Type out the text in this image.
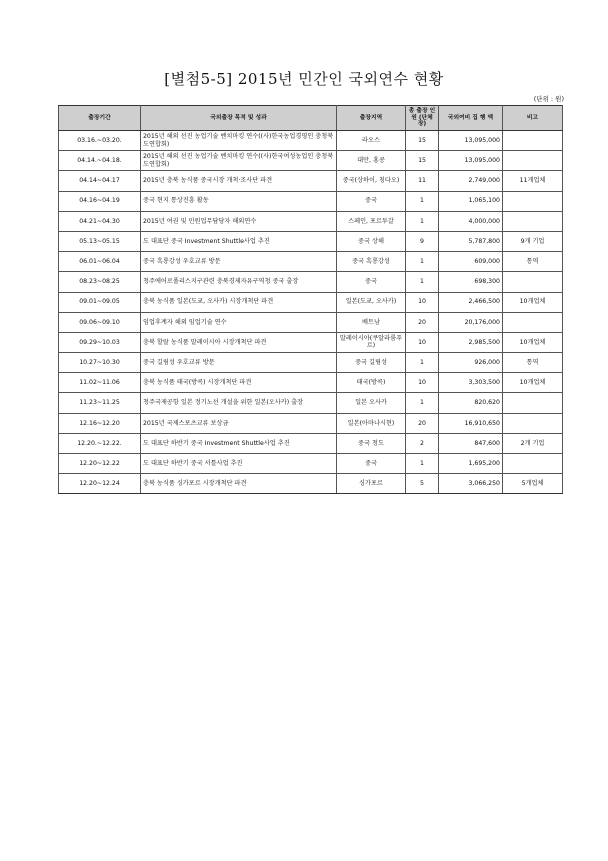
[별첨5-5] 2015년 민간인 국외연수 현황
(단위 : 원)
출장기간	국외출장 목적 및 성과	출장지역	총 출장 인 원 (단체장)	국외여비 집 행 액	비고
03.16.~03.20.	2015년 해외 선진 농업기술 벤치마킹 연수((사)한국농업경영인 충청북도연합회)	라오스	15	13,095,000	
04.14.~04.18.	2015년 해외 선진 농업기술 벤치마킹 연수((사)한국여성농업인 충청북도연합회)	대만, 홍콩	15	13,095,000	
04.14~04.17	2015년 충북 농식품 중국시장 개척·조사단 파견	중국(상하이, 칭다오)	11	2,749,000	11개업체
04.16~04.19	중국 현지 통상진흥 활동	중국	1	1,065,100	
04.21~04.30	2015년 여권 및 민원업무담당자 해외연수	스페인, 포르투갈	1	4,000,000	
05.13~05.15	도 대표단 중국 Investment Shuttle사업 추진	중국 상해	9	5,787,800	9개 기업
06.01~06.04	중국 흑룡강성 우호교류 방문	중국 흑룡강성	1	609,000	통역
08.23~08.25	청주에어로폴리스지구관련 충북경제자유구역청 중국 출장	중국	1	698,300	
09.01~09.05	충북 농식품 일본(도쿄, 오사카) 시장개척단 파견	일본(도쿄, 오사카)	10	2,466,500	10개업체
09.06~09.10	임업후계자 해외 임업기술 연수	베트남	20	20,176,000	
09.29~10.03	충북 할랄 농식품 말레이시아 시장개척단 파견	말레이시아(쿠알라룸푸르)	10	2,985,500	10개업체
10.27~10.30	중국 길림성 우호교류 방문	중국 길림성	1	926,000	통역
11.02~11.06	충북 농식품 태국(방콕) 시장개척단 파견	태국(방콕)	10	3,303,500	10개업체
11.23~11.25	청주국제공항 일본 정기노선 개설을 위한 일본(오사카) 출장	일본 오사카	1	820,620	
12.16~12.20	2015년 국제스포츠교류 보상금	일본(아마나시현)	20	16,910,650	
12.20.~12.22.	도 대표단 하반기 중국 Investment Shuttle사업 추진	중국 청도	2	847,600	2개 기업
12.20~12.22	도 대표단 하반기 중국 서틀사업 추진	중국	1	1,695,200	
12.20~12.24	충북 농식품 싱가포르 시장개척단 파견	싱가포르	5	3,066,250	5개업체
